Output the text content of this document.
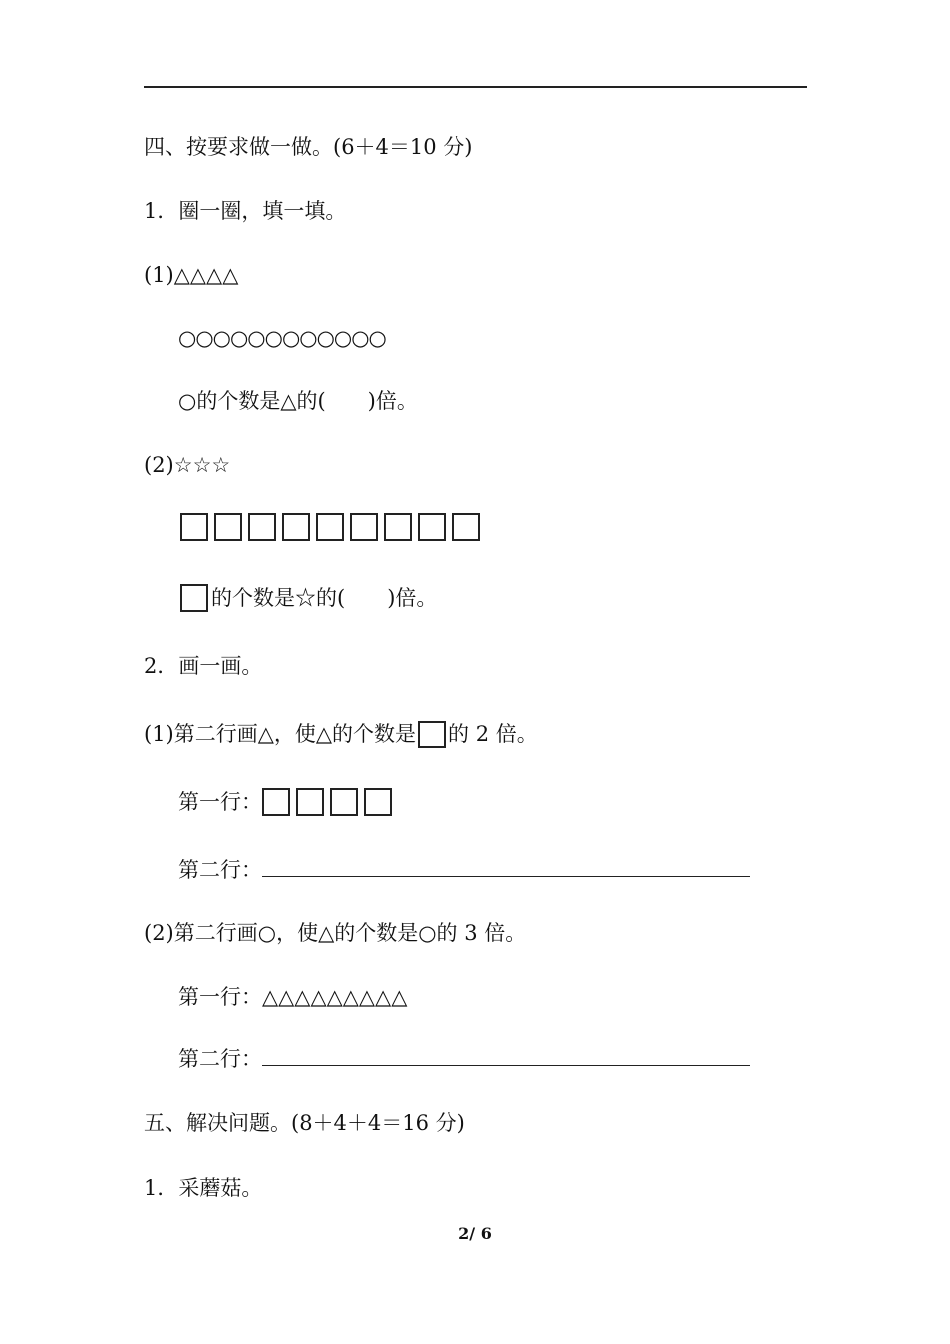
四、按要求做一做。(6＋4＝10 分)
1．圈一圈，填一填。
(1)△△△△
○○○○○○○○○○○○
○的个数是△的(　　)倍。
(2)☆☆☆
的个数是☆的(　　)倍。
2．画一画。
(1)第二行画△，使△的个数是 的 2 倍。
第一行：
第二行：
(2)第二行画○，使△的个数是○的 3 倍。
第一行：△△△△△△△△△
第二行：
五、解决问题。(8＋4＋4＝16 分)
1．采蘑菇。
2/ 6
